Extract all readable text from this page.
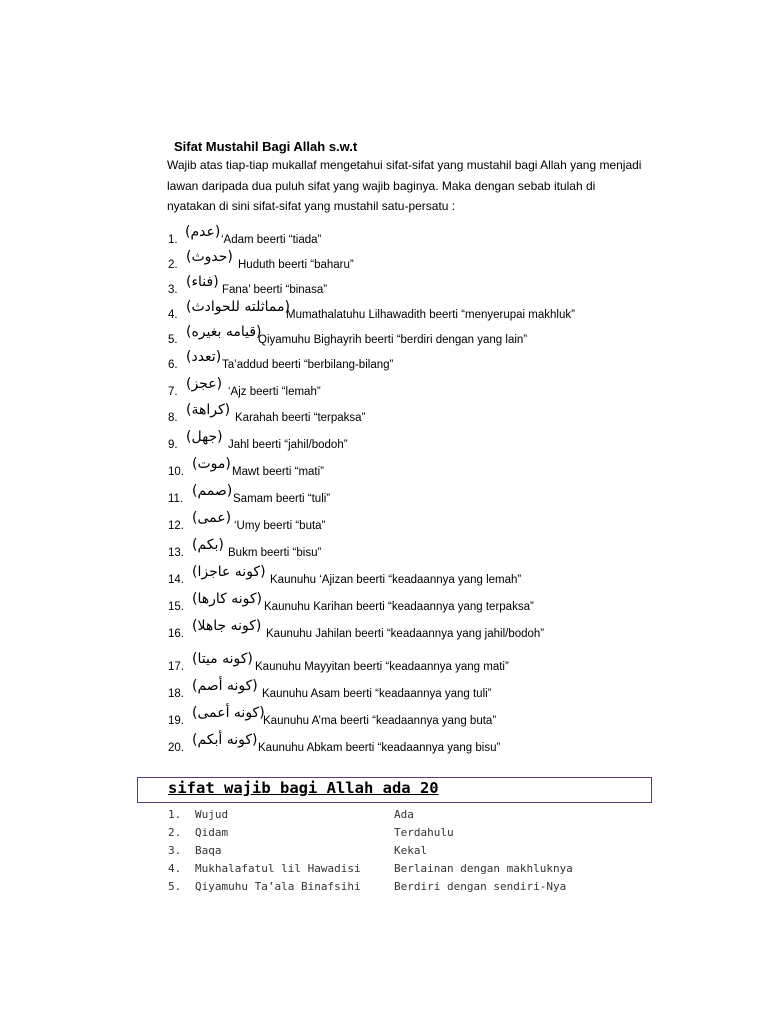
Sifat Mustahil Bagi Allah s.w.t
Wajib atas tiap-tiap mukallaf mengetahui sifat-sifat yang mustahil bagi Allah yang menjadi
lawan daripada dua puluh sifat yang wajib baginya. Maka dengan sebab itulah di
nyatakan di sini sifat-sifat yang mustahil satu-persatu :
1. (عدم) ‘Adam beerti “tiada”
2. (حدوث) Huduth beerti “baharu”
3. (فناء) Fana’ beerti “binasa”
4. (مماثلته للحوادث)
Mumathalatuhu Lilhawadith beerti “menyerupai makhluk”
5. (قيامه بغيره)
Qiyamuhu Bighayrih beerti “berdiri dengan yang lain”
6. (تعدد) Ta’addud beerti “berbilang-bilang”
7. (عجز) ‘Ajz beerti “lemah”
8. (كراهة) Karahah beerti “terpaksa”
9. (جهل) Jahl beerti “jahil/bodoh”
10. (موت) Mawt beerti “mati”
11. (صمم) Samam beerti “tuli”
12. (عمى) ‘Umy beerti “buta”
13. (بكم) Bukm beerti “bisu”
14. (كونه عاجزا) Kaunuhu ‘Ajizan beerti “keadaannya yang lemah”
15. (كونه كارها) Kaunuhu Karihan beerti “keadaannya yang terpaksa”
16. (كونه جاهلا) Kaunuhu Jahilan beerti “keadaannya yang jahil/bodoh”
17. (كونه ميتا) Kaunuhu Mayyitan beerti “keadaannya yang mati”
18. (كونه أصم) Kaunuhu Asam beerti “keadaannya yang tuli”
19. (كونه أعمى)
Kaunuhu A’ma beerti “keadaannya yang buta”
20. (كونه أبكم) Kaunuhu Abkam beerti “keadaannya yang bisu”
sifat wajib bagi Allah ada 20
1. Wujud	Ada
2. Qidam	Terdahulu
3. Baqa	Kekal
4. Mukhalafatul lil Hawadisi	Berlainan dengan makhluknya
5. Qiyamuhu Ta’ala Binafsihi	Berdiri dengan sendiri-Nya
